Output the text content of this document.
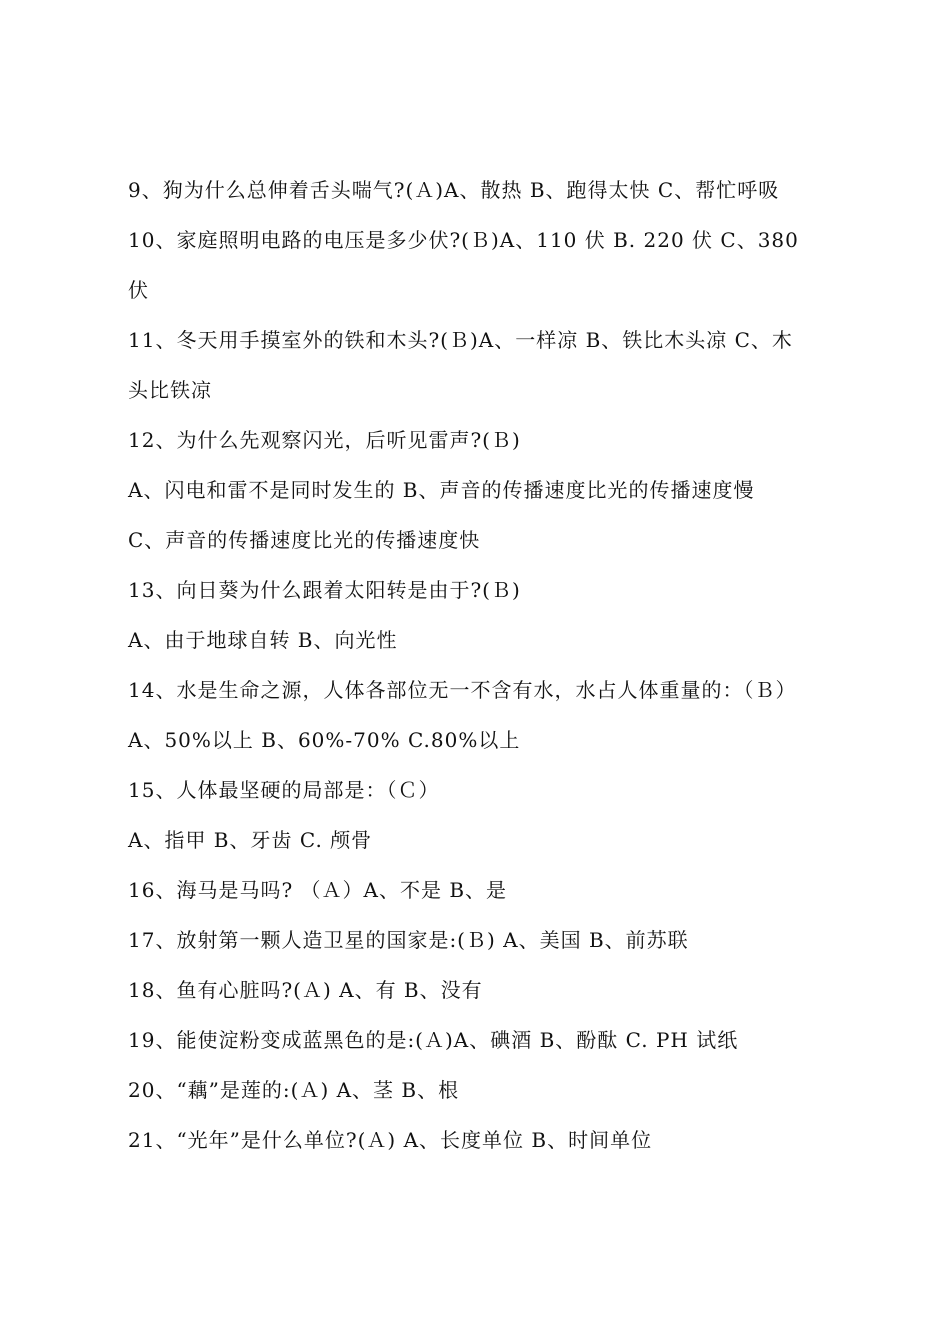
9、狗为什么总伸着舌头喘气?(Ａ)A、散热 B、跑得太快 C、帮忙呼吸
10、家庭照明电路的电压是多少伏?(Ｂ)A、110 伏 B. 220 伏 C、380
伏
11、冬天用手摸室外的铁和木头?(Ｂ)A、一样凉 B、铁比木头凉 C、木
头比铁凉
12、为什么先观察闪光，后听见雷声?(Ｂ)
A、闪电和雷不是同时发生的 B、声音的传播速度比光的传播速度慢
C、声音的传播速度比光的传播速度快
13、向日葵为什么跟着太阳转是由于?(Ｂ)
A、由于地球自转 B、向光性
14、水是生命之源，人体各部位无一不含有水，水占人体重量的：（Ｂ）
A、50%以上 B、60%-70% C.80%以上
15、人体最坚硬的局部是：（Ｃ）
A、指甲 B、牙齿 C. 颅骨
16、海马是马吗? （Ａ）A、不是 B、是
17、放射第一颗人造卫星的国家是:(Ｂ) A、美国 B、前苏联
18、鱼有心脏吗?(Ａ) A、有 B、没有
19、能使淀粉变成蓝黑色的是:(Ａ)A、碘酒 B、酚酞 C. PH 试纸
20、“藕”是莲的:(Ａ) A、茎 B、根
21、“光年”是什么单位?(Ａ) A、长度单位 B、时间单位
